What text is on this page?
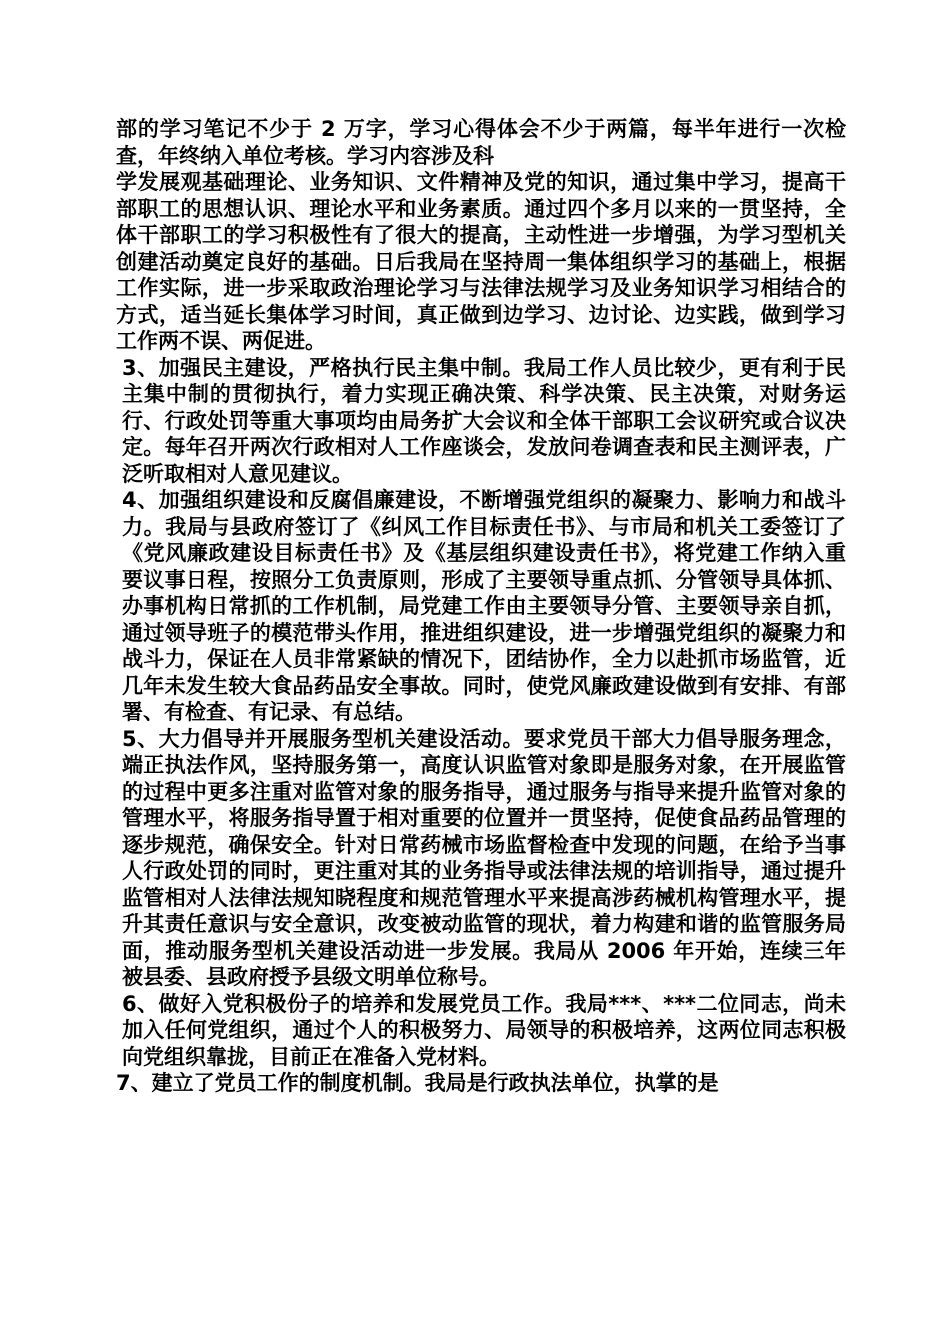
部的学习笔记不少于 2 万字，学习心得体会不少于两篇，每半年进行一次检查，年终纳入单位考核。学习内容涉及科

学发展观基础理论、业务知识、文件精神及党的知识，通过集中学习，提高干部职工的思想认识、理论水平和业务素质。通过四个多月以来的一贯坚持，全体干部职工的学习积极性有了很大的提高，主动性进一步增强，为学习型机关创建活动奠定良好的基础。日后我局在坚持周一集体组织学习的基础上，根据工作实际，进一步采取政治理论学习与法律法规学习及业务知识学习相结合的方式，适当延长集体学习时间，真正做到边学习、边讨论、边实践，做到学习工作两不误、两促进。

3、加强民主建设，严格执行民主集中制。我局工作人员比较少，更有利于民主集中制的贯彻执行，着力实现正确决策、科学决策、民主决策，对财务运行、行政处罚等重大事项均由局务扩大会议和全体干部职工会议研究或合议决定。每年召开两次行政相对人工作座谈会，发放问卷调查表和民主测评表，广泛听取相对人意见建议。

4、加强组织建设和反腐倡廉建设，不断增强党组织的凝聚力、影响力和战斗力。我局与县政府签订了《纠风工作目标责任书》、与市局和机关工委签订了《党风廉政建设目标责任书》及《基层组织建设责任书》，将党建工作纳入重要议事日程，按照分工负责原则，形成了主要领导重点抓、分管领导具体抓、办事机构日常抓的工作机制，局党建工作由主要领导分管、主要领导亲自抓，通过领导班子的模范带头作用，推进组织建设，进一步增强党组织的凝聚力和战斗力，保证在人员非常紧缺的情况下，团结协作，全力以赴抓市场监管，近几年未发生较大食品药品安全事故。同时，使党风廉政建设做到有安排、有部署、有检查、有记录、有总结。

5、大力倡导并开展服务型机关建设活动。要求党员干部大力倡导服务理念，端正执法作风，坚持服务第一，高度认识监管对象即是服务对象，在开展监管的过程中更多注重对监管对象的服务指导，通过服务与指导来提升监管对象的管理水平，将服务指导置于相对重要的位置并一贯坚持，促使食品药品管理的逐步规范，确保安全。针对日常药械市场监督检查中发现的问题，在给予当事人行政处罚的同时，更注重对其的业务指导或法律法规的培训指导，通过提升监管相对人法律法规知晓程度和规范管理水平来提高涉药械机构管理水平，提升其责任意识与安全意识，改变被动监管的现状，着力构建和谐的监管服务局面，推动服务型机关建设活动进一步发展。我局从 2006 年开始，连续三年被县委、县政府授予县级文明单位称号。

6、做好入党积极份子的培养和发展党员工作。我局***、***二位同志，尚未加入任何党组织，通过个人的积极努力、局领导的积极培养，这两位同志积极向党组织靠拢，目前正在准备入党材料。

7、建立了党员工作的制度机制。我局是行政执法单位，执掌的是
